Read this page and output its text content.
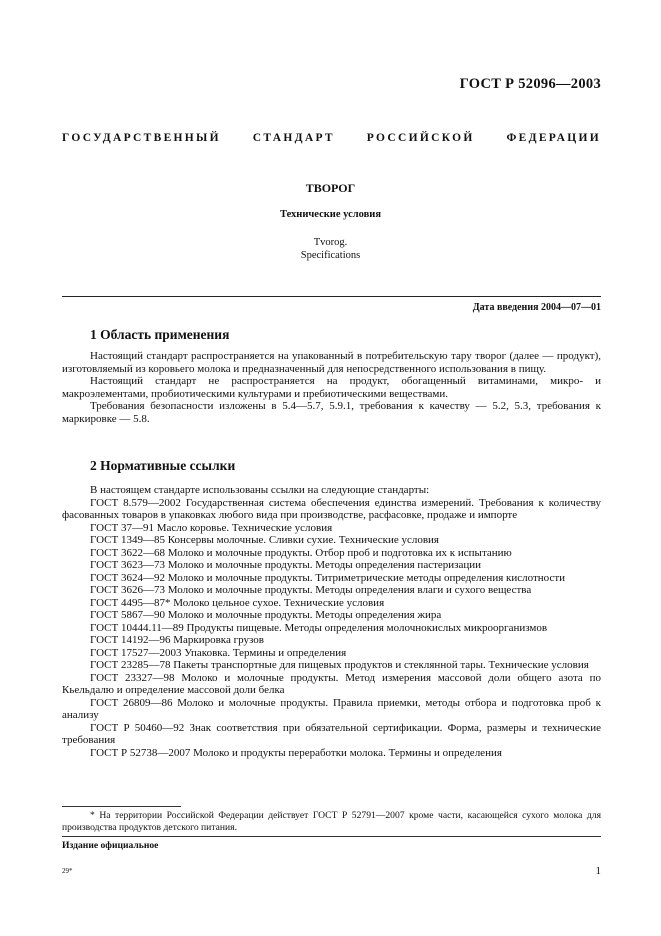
ГОСТ Р 52096—2003
ГОСУДАРСТВЕННЫЙ СТАНДАРТ РОССИЙСКОЙ ФЕДЕРАЦИИ
ТВОРОГ
Технические условия
Tvorog.
Specifications
Дата введения 2004—07—01
1 Область применения

Настоящий стандарт распространяется на упакованный в потребительскую тару творог (далее — продукт), изготовляемый из коровьего молока и предназначенный для непосредственного использования в пищу.

Настоящий стандарт не распространяется на продукт, обогащенный витаминами, микро- и макроэлементами, пробиотическими культурами и пребиотическими веществами.

Требования безопасности изложены в 5.4—5.7, 5.9.1, требования к качеству — 5.2, 5.3, требования к маркировке — 5.8.

2 Нормативные ссылки

В настоящем стандарте использованы ссылки на следующие стандарты:

ГОСТ 8.579—2002 Государственная система обеспечения единства измерений. Требования к количеству фасованных товаров в упаковках любого вида при производстве, расфасовке, продаже и импорте

ГОСТ 37—91 Масло коровье. Технические условия

ГОСТ 1349—85 Консервы молочные. Сливки сухие. Технические условия

ГОСТ 3622—68 Молоко и молочные продукты. Отбор проб и подготовка их к испытанию

ГОСТ 3623—73 Молоко и молочные продукты. Методы определения пастеризации

ГОСТ 3624—92 Молоко и молочные продукты. Титриметрические методы определения кислотности

ГОСТ 3626—73 Молоко и молочные продукты. Методы определения влаги и сухого вещества

ГОСТ 4495—87* Молоко цельное сухое. Технические условия

ГОСТ 5867—90 Молоко и молочные продукты. Методы определения жира

ГОСТ 10444.11—89 Продукты пищевые. Методы определения молочнокислых микроорганизмов

ГОСТ 14192—96 Маркировка грузов

ГОСТ 17527—2003 Упаковка. Термины и определения

ГОСТ 23285—78 Пакеты транспортные для пищевых продуктов и стеклянной тары. Технические условия

ГОСТ 23327—98 Молоко и молочные продукты. Метод измерения массовой доли общего азота по Кьельдалю и определение массовой доли белка

ГОСТ 26809—86 Молоко и молочные продукты. Правила приемки, методы отбора и подготовка проб к анализу

ГОСТ Р 50460—92 Знак соответствия при обязательной сертификации. Форма, размеры и технические требования

ГОСТ Р 52738—2007 Молоко и продукты переработки молока. Термины и определения

* На территории Российской Федерации действует ГОСТ Р 52791—2007 кроме части, касающейся сухого молока для производства продуктов детского питания.

Издание официальное
29*	1
